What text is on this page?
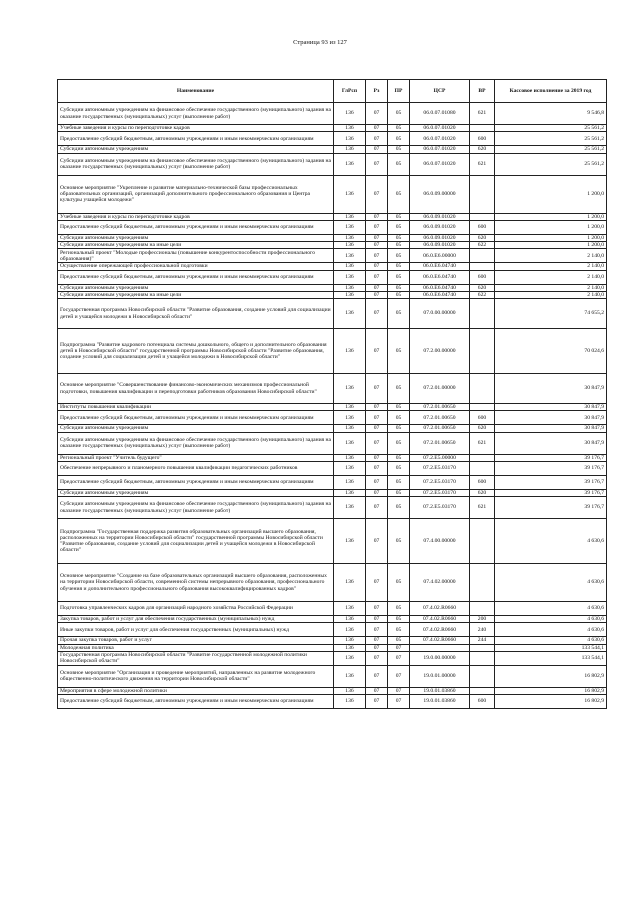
Страница 93 из 127
Наименование	ГлРсп	Рз	ПР	ЦСР	ВР	Кассовое исполнение за 2019 год
Субсидии автономным учреждениям на финансовое обеспечение государственного (муниципального) задания на оказание государственных (муниципальных) услуг (выполнение работ)	136	07	05	06.0.07.01080	621	9 546,8
Учебные заведения и курсы по переподготовке кадров	136	07	05	06.0.07.01020		25 561,2
Предоставление субсидий бюджетным, автономным учреждениям и иным некоммерческим организациям	136	07	05	06.0.07.01020	600	25 561,2
Субсидии автономным учреждениям	136	07	05	06.0.07.01020	620	25 561,2
Субсидии автономным учреждениям на финансовое обеспечение государственного (муниципального) задания на оказание государственных (муниципальных) услуг (выполнение работ)	136	07	05	06.0.07.01020	621	25 561,2
Основное мероприятие "Укрепление и развитие материально-технической базы профессиональных образовательных организаций, организаций дополнительного профессионального образования и Центра культуры учащейся молодежи"	136	07	05	06.0.09.00000		1 200,0
Учебные заведения и курсы по переподготовке кадров	136	07	05	06.0.09.01020		1 200,0
Предоставление субсидий бюджетным, автономным учреждениям и иным некоммерческим организациям	136	07	05	06.0.09.01020	600	1 200,0
Субсидии автономным учреждениям	136	07	05	06.0.09.01020	620	1 200,0
Субсидии автономным учреждениям на иные цели	136	07	05	06.0.09.01020	622	1 200,0
Региональный проект "Молодые профессионалы (повышение конкурентоспособности профессионального образования)"	136	07	05	06.0.E6.00000		2 140,0
Осуществление опережающей профессиональной подготовки	136	07	05	06.0.E6.04740		2 140,0
Предоставление субсидий бюджетным, автономным учреждениям и иным некоммерческим организациям	136	07	05	06.0.E6.04740	600	2 140,0
Субсидии автономным учреждениям	136	07	05	06.0.E6.04740	620	2 140,0
Субсидии автономным учреждениям на иные цели	136	07	05	06.0.E6.04740	622	2 140,0
Государственная программа Новосибирской области "Развитие образования, создание условий для социализации детей и учащейся молодежи в Новосибирской области"	136	07	05	07.0.00.00000		74 655,2
Подпрограмма "Развитие кадрового потенциала системы дошкольного, общего и дополнительного образования детей в Новосибирской области" государственной программы Новосибирской области "Развитие образования, создание условий для социализации детей и учащейся молодежи в Новосибирской области"	136	07	05	07.2.00.00000		70 024,6
Основное мероприятие "Совершенствование финансово-экономических механизмов профессиональной подготовки, повышения квалификации и переподготовки работников образования Новосибирской области"	136	07	05	07.2.01.00000		30 847,9
Институты повышения квалификации	136	07	05	07.2.01.00650		30 847,9
Предоставление субсидий бюджетным, автономным учреждениям и иным некоммерческим организациям	136	07	05	07.2.01.00650	600	30 847,9
Субсидии автономным учреждениям	136	07	05	07.2.01.00650	620	30 847,9
Субсидии автономным учреждениям на финансовое обеспечение государственного (муниципального) задания на оказание государственных (муниципальных) услуг (выполнение работ)	136	07	05	07.2.01.00650	621	30 847,9
Региональный проект "Учитель будущего"	136	07	05	07.2.E5.00000		39 176,7
Обеспечение непрерывного и планомерного повышения квалификации педагогических работников	136	07	05	07.2.E5.03170		39 176,7
Предоставление субсидий бюджетным, автономным учреждениям и иным некоммерческим организациям	136	07	05	07.2.E5.03170	600	39 176,7
Субсидии автономным учреждениям	136	07	05	07.2.E5.03170	620	39 176,7
Субсидии автономным учреждениям на финансовое обеспечение государственного (муниципального) задания на оказание государственных (муниципальных) услуг (выполнение работ)	136	07	05	07.2.E5.03170	621	39 176,7
Подпрограмма "Государственная поддержка развития образовательных организаций высшего образования, расположенных на территории Новосибирской области" государственной программы Новосибирской области "Развитие образования, создание условий для социализации детей и учащейся молодежи в Новосибирской области"	136	07	05	07.4.00.00000		4 630,6
Основное мероприятие "Создание на базе образовательных организаций высшего образования, расположенных на территории Новосибирской области, современной системы непрерывного образования, профессионального обучения и дополнительного профессионального образования высококвалифицированных кадров"	136	07	05	07.4.02.00000		4 630,6
Подготовка управленческих кадров для организаций народного хозяйства Российской Федерации	136	07	05	07.4.02.R0660		4 630,6
Закупка товаров, работ и услуг для обеспечения государственных (муниципальных) нужд	136	07	05	07.4.02.R0660	200	4 630,6
Иные закупки товаров, работ и услуг для обеспечения государственных (муниципальных) нужд	136	07	05	07.4.02.R0660	240	4 630,6
Прочая закупка товаров, работ и услуг	136	07	05	07.4.02.R0660	244	4 630,6
Молодежная политика	136	07	07			133 544,1
Государственная программа Новосибирской области "Развитие государственной молодежной политики Новосибирской области"	136	07	07	19.0.00.00000		133 544,1
Основное мероприятие "Организация и проведение мероприятий, направленных на развитие молодежного общественно-политического движения на территории Новосибирской области"	136	07	07	19.0.01.00000		16 802,9
Мероприятия в сфере молодежной политики	136	07	07	19.0.01.03860		16 802,9
Предоставление субсидий бюджетным, автономным учреждениям и иным некоммерческим организациям	136	07	07	19.0.01.03860	600	16 802,9
